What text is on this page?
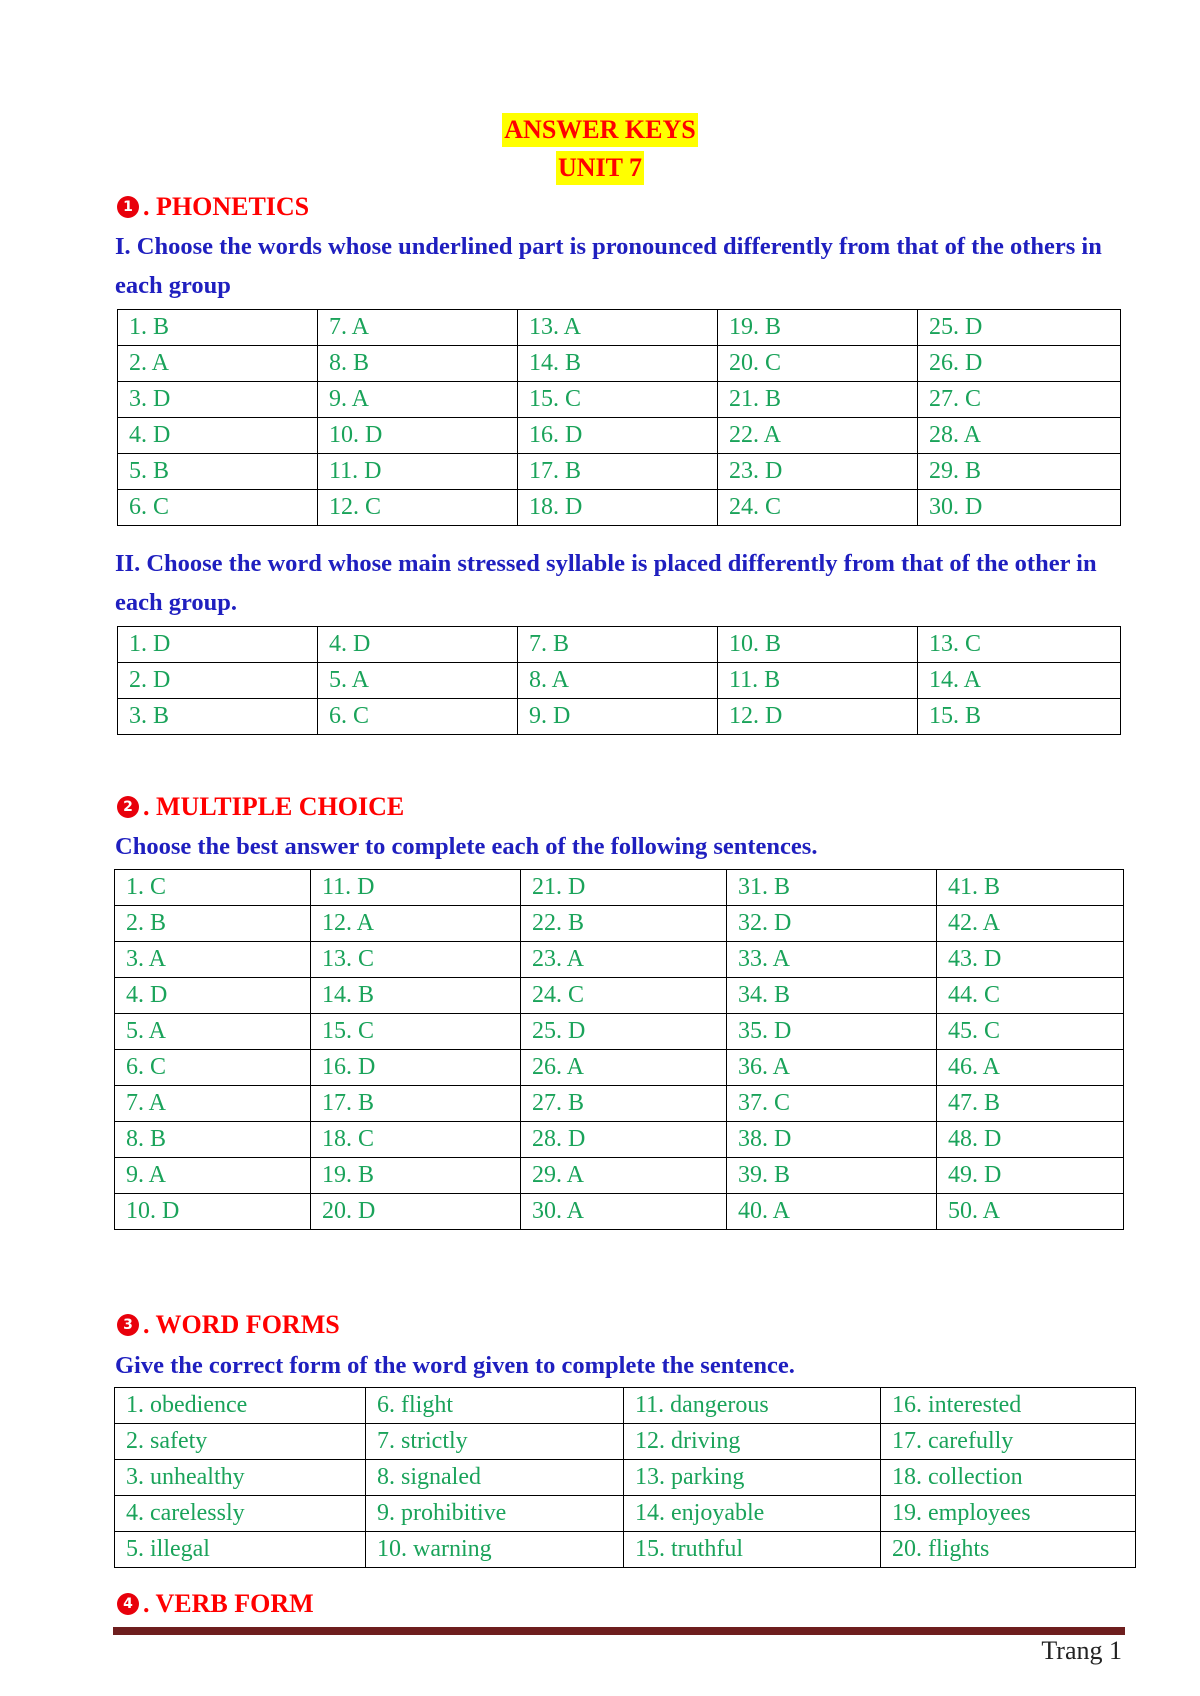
ANSWER KEYS
UNIT 7
1 . PHONETICS
I. Choose the words whose underlined part is pronounced differently from that of the others in each group
1. B	7. A	13. A	19. B	25. D
2. A	8. B	14. B	20. C	26. D
3. D	9. A	15. C	21. B	27. C
4. D	10. D	16. D	22. A	28. A
5. B	11. D	17. B	23. D	29. B
6. C	12. C	18. D	24. C	30. D
II. Choose the word whose main stressed syllable is placed differently from that of the other in each group.
1. D	4. D	7. B	10. B	13. C
2. D	5. A	8. A	11. B	14. A
3. B	6. C	9. D	12. D	15. B
2 . MULTIPLE CHOICE
Choose the best answer to complete each of the following sentences.
1. C	11. D	21. D	31. B	41. B
2. B	12. A	22. B	32. D	42. A
3. A	13. C	23. A	33. A	43. D
4. D	14. B	24. C	34. B	44. C
5. A	15. C	25. D	35. D	45. C
6. C	16. D	26. A	36. A	46. A
7. A	17. B	27. B	37. C	47. B
8. B	18. C	28. D	38. D	48. D
9. A	19. B	29. A	39. B	49. D
10. D	20. D	30. A	40. A	50. A
3 . WORD FORMS
Give the correct form of the word given to complete the sentence.
1. obedience	6. flight	11. dangerous	16. interested
2. safety	7. strictly	12. driving	17. carefully
3. unhealthy	8. signaled	13. parking	18. collection
4. carelessly	9. prohibitive	14. enjoyable	19. employees
5. illegal	10. warning	15. truthful	20. flights
4 . VERB FORM
Trang 1
